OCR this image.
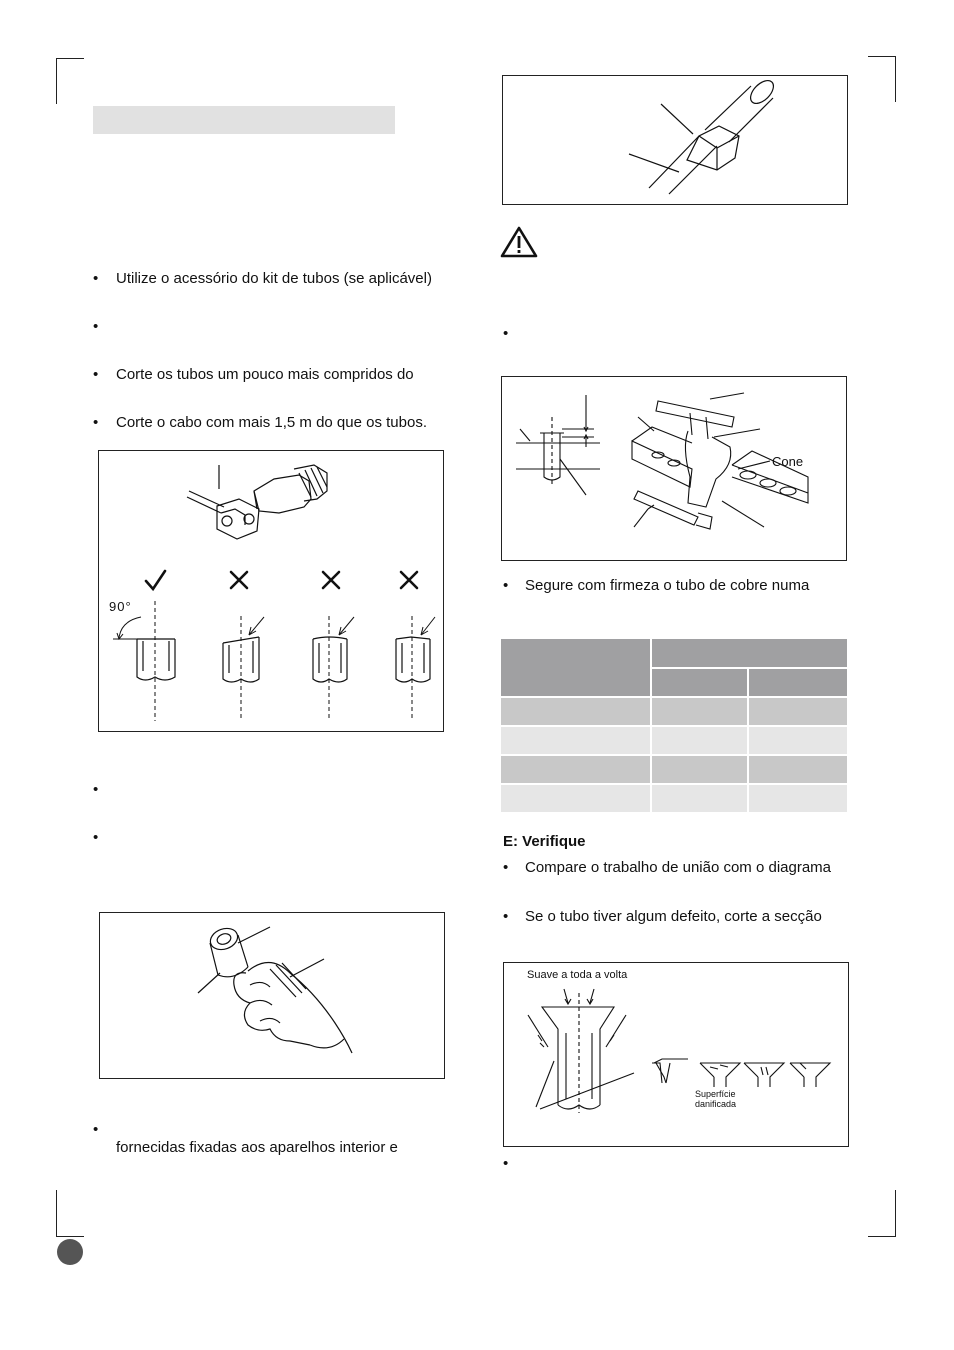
• Utilize o acessório do kit de tubos (se aplicável)
•
• Corte os tubos um pouco mais compridos do
• Corte o cabo com mais 1,5 m do que os tubos.
90°
•
•
•
fornecidas fixadas aos aparelhos interior e
•
Cone
• Segure com firmeza o tubo de cobre numa
E: Verifique
• Compare o trabalho de união com o diagrama
• Se o tubo tiver algum defeito, corte a secção
Suave a toda a volta
Superfície
danificada
•
